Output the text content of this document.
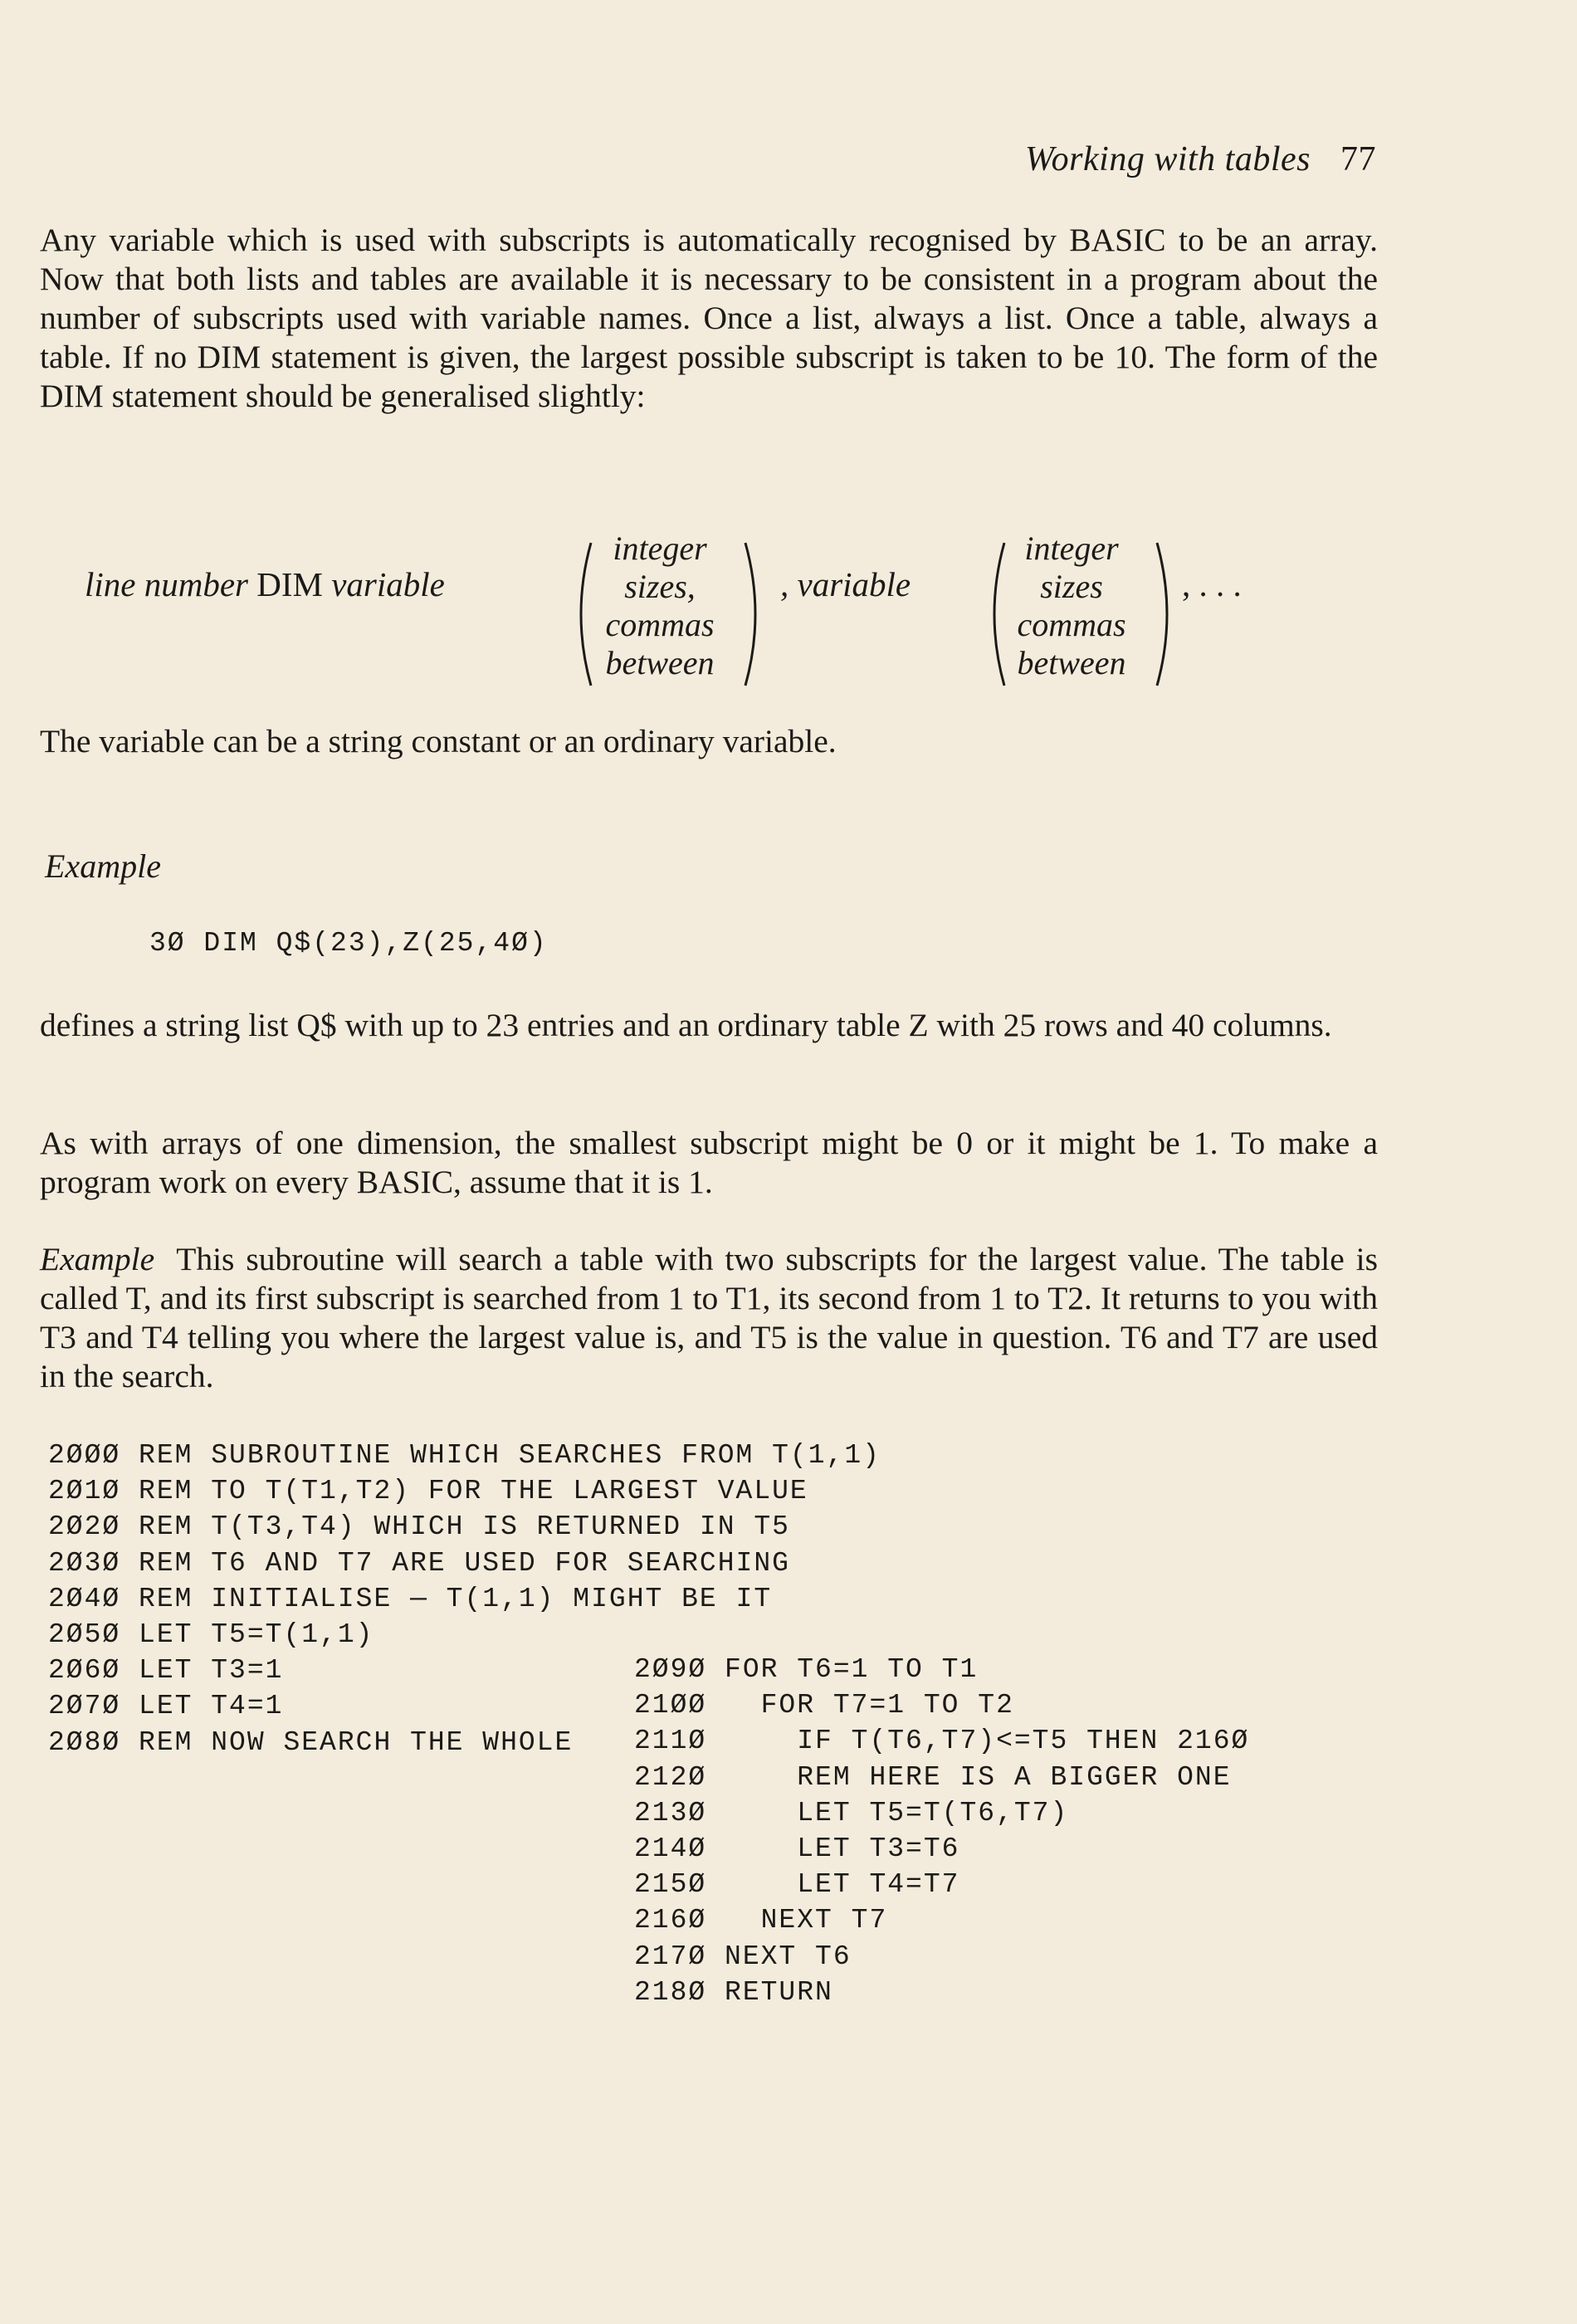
Working with tables 77

Any variable which is used with subscripts is automatically recognised by BASIC to be an array. Now that both lists and tables are available it is necessary to be consistent in a program about the number of subscripts used with variable names. Once a list, always a list. Once a table, always a table. If no DIM statement is given, the largest possible subscript is taken to be 10. The form of the DIM statement should be generalised slightly:

line number DIM variable
integer
sizes,
commas
between
, variable
integer
sizes
commas
between
, . . .

The variable can be a string constant or an ordinary variable.

Example
3Ø DIM Q$(23),Z(25,4Ø)

defines a string list Q$ with up to 23 entries and an ordinary table Z with 25 rows and 40 columns.

As with arrays of one dimension, the smallest subscript might be 0 or it might be 1. To make a program work on every BASIC, assume that it is 1.

Example This subroutine will search a table with two subscripts for the largest value. The table is called T, and its first subscript is searched from 1 to T1, its second from 1 to T2. It returns to you with T3 and T4 telling you where the largest value is, and T5 is the value in question. T6 and T7 are used in the search.

2ØØØ REM SUBROUTINE WHICH SEARCHES FROM T(1,1)
2Ø1Ø REM TO T(T1,T2) FOR THE LARGEST VALUE
2Ø2Ø REM T(T3,T4) WHICH IS RETURNED IN T5
2Ø3Ø REM T6 AND T7 ARE USED FOR SEARCHING
2Ø4Ø REM INITIALISE — T(1,1) MIGHT BE IT
2Ø5Ø LET T5=T(1,1)
2Ø6Ø LET T3=1
2Ø7Ø LET T4=1
2Ø8Ø REM NOW SEARCH THE WHOLE
2Ø9Ø FOR T6=1 TO T1
21ØØ   FOR T7=1 TO T2
211Ø     IF T(T6,T7)<=T5 THEN 216Ø
212Ø     REM HERE IS A BIGGER ONE
213Ø     LET T5=T(T6,T7)
214Ø     LET T3=T6
215Ø     LET T4=T7
216Ø   NEXT T7
217Ø NEXT T6
218Ø RETURN
